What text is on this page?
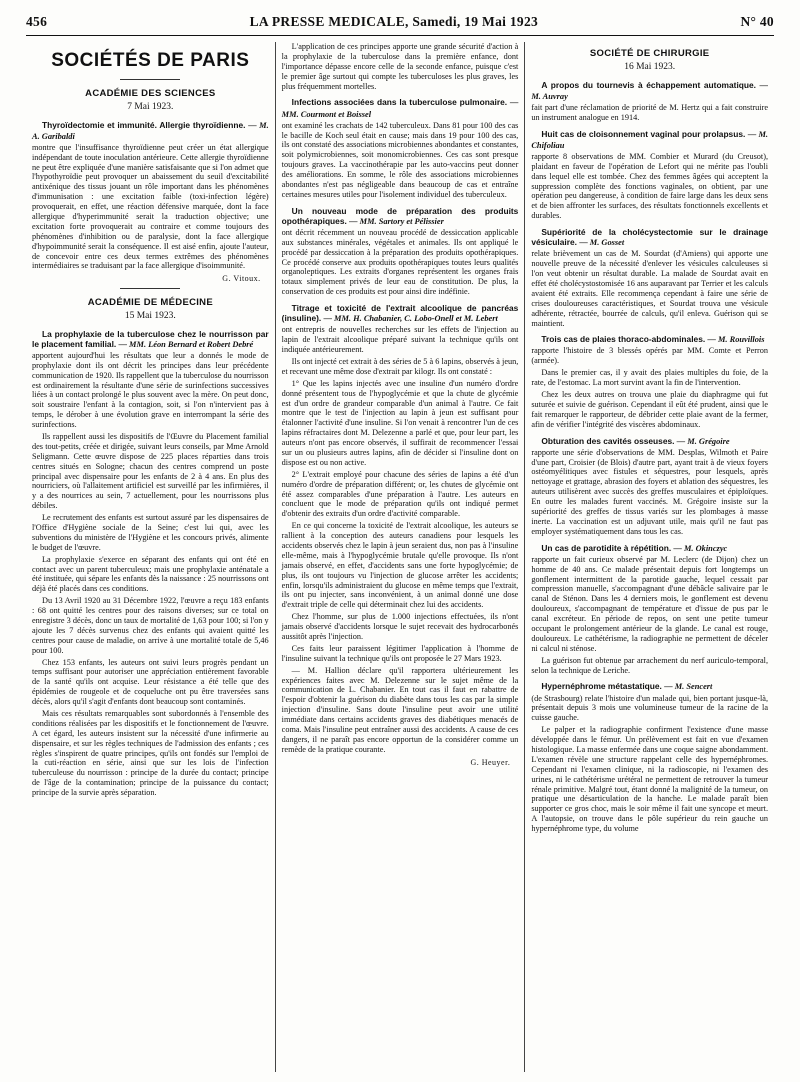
456	LA PRESSE MEDICALE, Samedi, 19 Mai 1923	N° 40
SOCIÉTÉS DE PARIS
ACADÉMIE DES SCIENCES
7 Mai 1923.
Thyroïdectomie et immunité. Allergie thyroïdienne. — M. A. Garibaldi

montre que l'insuffisance thyroïdienne peut créer un état allergique indépendant de toute inoculation antérieure. Cette allergie thyroïdienne ne peut être expliquée d'une manière satisfaisante que si l'on admet que l'hypothyroïdie peut provoquer un abaissement du seuil d'excitabilité antixénique des tissus jouant un rôle important dans les phénomènes d'immunisation : une excitation faible (toxi-infection légère) provoquerait, en effet, une réaction défensive marquée, dont la face allergique d'hyperimmunité serait la traduction objective; une excitation forte provoquerait au contraire et comme toujours des phénomènes d'inhibition ou de paralysie, dont la face allergique d'hypoimmunité serait la conséquence. Il est aisé enfin, ajoute l'auteur, de concevoir entre ces deux termes extrêmes des phénomènes intermédiaires se traduisant par la face allergique d'isoimmunité.

G. Vitoux.
ACADÉMIE DE MÉDECINE
15 Mai 1923.
La prophylaxie de la tuberculose chez le nourrisson par le placement familial. — MM. Léon Bernard et Robert Debré

apportent aujourd'hui les résultats que leur a donnés le mode de prophylaxie dont ils ont décrit les principes dans leur précédente communication de 1920. Ils rappellent que la tuberculose du nourrisson est ordinairement la résultante d'une série de surinfections successives liées à un contact prolongé le plus souvent avec la mère. On peut donc, soit soustraire l'enfant à la contagion, soit, si l'on n'intervient pas à temps, le dérober à une évolution grave en interrompant la série des surinfections.

Ils rappellent aussi les dispositifs de l'Œuvre du Placement familial des tout-petits, créée et dirigée, suivant leurs conseils, par Mme Arnold Seligmann. Cette œuvre dispose de 225 places réparties dans trois centres situés en Sologne; chacun des centres comprend un poste principal avec dispensaire pour les enfants de 2 à 4 ans. En plus des nourriciers, où l'allaitement artificiel est surveillé par les infirmières, il y a des nourrices au sein, 7 actuellement, pour les nourrissons plus débiles.

Le recrutement des enfants est surtout assuré par les dispensaires de l'Office d'Hygiène sociale de la Seine; c'est lui qui, avec les subventions du ministère de l'Hygiène et les concours privés, alimente le budget de l'œuvre.

La prophylaxie s'exerce en séparant des enfants qui ont été en contact avec un parent tuberculeux; mais une prophylaxie anténatale a été instituée, qui sépare les enfants dès la naissance : 25 nourrissons ont déjà été placés dans ces conditions.

Du 13 Avril 1920 au 31 Décembre 1922, l'œuvre a reçu 183 enfants : 68 ont quitté les centres pour des raisons diverses; sur ce total on enregistre 3 décès, donc un taux de mortalité de 1,63 pour 100; si l'on y ajoute les 7 décès survenus chez des enfants qui avaient quitté les centres pour cause de maladie, on arrive à une mortalité totale de 5,46 pour 100.

Chez 153 enfants, les auteurs ont suivi leurs progrès pendant un temps suffisant pour autoriser une appréciation entièrement favorable de la santé qu'ils ont acquise. Leur résistance a été telle que des épidémies de rougeole et de coqueluche ont pu être traversées sans décès, alors qu'il s'agit d'enfants dont beaucoup sont contaminés.

Mais ces résultats remarquables sont subordonnés à l'ensemble des conditions réalisées par les dispositifs et le fonctionnement de l'œuvre. A cet égard, les auteurs insistent sur la nécessité d'une infirmerie au dispensaire, et sur les règles techniques de l'admission des enfants ; ces règles s'inspirent de quatre principes, qu'ils ont fondés sur l'emploi de la cuti-réaction en série, ainsi que sur les lois de l'infection tuberculeuse du nourrisson : principe de la durée du contact; principe de l'âge de la contamination; principe de la puissance du contact; principe de la survie après séparation.

L'application de ces principes apporte une grande sécurité d'action à la prophylaxie de la tuberculose dans la première enfance, dont l'importance dépasse encore celle de la seconde enfance, puisque c'est le premier âge surtout qui compte les tuberculoses les plus graves, les plus fréquemment mortelles.

Infections associées dans la tuberculose pulmonaire. — MM. Courmont et Boissel

ont examiné les crachats de 142 tuberculeux. Dans 81 pour 100 des cas le bacille de Koch seul était en cause; mais dans 19 pour 100 des cas, ils ont constaté des associations microbiennes abondantes et constantes, soit polymicrobiennes, soit monomicrobiennes. Ces cas sont presque toujours graves. La vaccinothérapie par les auto-vaccins peut donner des améliorations. En somme, le rôle des associations microbiennes abondantes n'est pas négligeable dans beaucoup de cas et entraîne certaines mesures utiles pour l'isolement individuel des tuberculeux.

Un nouveau mode de préparation des produits opothérapiques. — MM. Sartory et Pélissier

ont décrit récemment un nouveau procédé de dessiccation applicable aux substances minérales, végétales et animales. Ils ont appliqué le procédé par dessiccation à la préparation des produits opothérapiques. Ce procédé conserve aux produits opothérapiques toutes leurs qualités organoleptiques. Les extraits d'organes représentent les organes frais totaux simplement privés de leur eau de constitution. De plus, la conservation de ces produits est pour ainsi dire indéfinie.

Titrage et toxicité de l'extrait alcoolique de pancréas (insuline). — MM. H. Chabanier, C. Lobo-Onell et M. Lebert

ont entrepris de nouvelles recherches sur les effets de l'injection au lapin de l'extrait alcoolique préparé suivant la technique qu'ils ont indiquée antérieurement.

Ils ont injecté cet extrait à des séries de 5 à 6 lapins, observés à jeun, et recevant une même dose d'extrait par kilogr. Ils ont constaté :

1° Que les lapins injectés avec une insuline d'un numéro d'ordre donné présentent tous de l'hypoglycémie et que la chute de glycémie est d'un ordre de grandeur comparable d'un animal à l'autre. Ce fait montre que le test de l'injection au lapin à jeun est suffisant pour étalonner l'activité d'une insuline. Si l'on venait à rencontrer l'un de ces lapins réfractaires dont M. Delezenne a parlé et que, pour leur part, les auteurs n'ont pas encore observés, il suffirait de recommencer l'essai sur un ou plusieurs autres lapins, afin de décider si l'insuline dont on dispose est ou non active.

2° L'extrait employé pour chacune des séries de lapins a été d'un numéro d'ordre de préparation différent; or, les chutes de glycémie ont été assez comparables d'une préparation à l'autre. Les auteurs en concluent que le mode de préparation qu'ils ont indiqué permet d'obtenir des extraits d'un ordre d'activité comparable.

En ce qui concerne la toxicité de l'extrait alcoolique, les auteurs se rallient à la conception des auteurs canadiens pour lesquels les accidents observés chez le lapin à jeun seraient dus, non pas à l'insuline elle-même, mais à l'hypoglycémie brutale qu'elle provoque. Ils n'ont jamais observé, en effet, d'accidents sans une forte hypoglycémie; de plus, ils ont toujours vu l'injection de glucose arrêter les accidents; enfin, lorsqu'ils administraient du glucose en même temps que l'extrait, ils ont pu injecter, sans inconvénient, à un animal donné une dose d'extrait triple de celle qui déterminait chez lui des accidents.

Chez l'homme, sur plus de 1.000 injections effectuées, ils n'ont jamais observé d'accidents lorsque le sujet recevait des hydrocarbonés aussitôt après l'injection.

Ces faits leur paraissent légitimer l'application à l'homme de l'insuline suivant la technique qu'ils ont proposée le 27 Mars 1923.

— M. Hallion déclare qu'il rapportera ultérieurement les expériences faites avec M. Delezenne sur le sujet même de la communication de L. Chabanier. En tout cas il faut en rabattre de l'espoir d'obtenir la guérison du diabète dans tous les cas par la simple injection d'insuline. Sans doute l'insuline peut avoir une utilité immédiate dans certains accidents graves des diabétiques menacés de coma. Mais l'insuline peut entraîner aussi des accidents. A cause de ces dangers, il ne paraît pas encore opportun de la considérer comme un remède de la pratique courante.

G. Heuyer.
SOCIÉTÉ DE CHIRURGIE
16 Mai 1923.
A propos du tournevis à échappement automatique. — M. Auvray

fait part d'une réclamation de priorité de M. Hertz qui a fait construire un instrument analogue en 1914.

Huit cas de cloisonnement vaginal pour prolapsus. — M. Chifoliau

rapporte 8 observations de MM. Combier et Murard (du Creusot), plaidant en faveur de l'opération de Lefort qui ne mérite pas l'oubli dans lequel elle est tombée. Chez des femmes âgées qui acceptent la suppression complète des fonctions vaginales, on obtient, par une opération peu dangereuse, à condition de faire large dans les deux sens et de bien affronter les surfaces, des résultats fonctionnels excellents et durables.

Supériorité de la cholécystectomie sur le drainage vésiculaire. — M. Gosset

relate brièvement un cas de M. Sourdat (d'Amiens) qui apporte une nouvelle preuve de la nécessité d'enlever les vésicules calculeuses si l'on veut obtenir un résultat durable. La malade de Sourdat avait en effet été cholécystostomisée 16 ans auparavant par Terrier et les calculs avaient été extraits. Elle recommença cependant à faire une série de crises douloureuses caractéristiques, et Sourdat trouva une vésicule adhérente, rétractée, bourrée de calculs, qu'il enleva. Guérison qui se maintient.

Trois cas de plaies thoraco-abdominales. — M. Rouvillois

rapporte l'histoire de 3 blessés opérés par MM. Comte et Perron (armée).

Dans le premier cas, il y avait des plaies multiples du foie, de la rate, de l'estomac. La mort survint avant la fin de l'intervention.

Chez les deux autres on trouva une plaie du diaphragme qui fut suturée et suivie de guérison. Cependant il eût été prudent, ainsi que le fait remarquer le rapporteur, de débrider cette plaie avant de la fermer, afin de vérifier l'intégrité des viscères abdominaux.

Obturation des cavités osseuses. — M. Grégoire

rapporte une série d'observations de MM. Desplas, Wilmoth et Paire d'une part, Croisier (de Blois) d'autre part, ayant trait à de vieux foyers ostéomyélitiques avec fistules et séquestres, pour lesquels, après nettoyage et grattage, abrasion des foyers et ablation des séquestres, les auteurs utilisèrent avec succès des greffes musculaires et épiploïques. En outre les malades furent vaccinés. M. Grégoire insiste sur la supériorité des greffes de tissus variés sur les plombages à masse inerte. La vaccination est un adjuvant utile, mais qu'il ne faut pas employer systématiquement dans tous les cas.

Un cas de parotidite à répétition. — M. Okinczyc

rapporte un fait curieux observé par M. Leclerc (de Dijon) chez un homme de 40 ans. Ce malade présentait depuis fort longtemps un gonflement intermittent de la parotide gauche, lequel cessait par compression manuelle, s'accompagnant d'une débâcle salivaire par le canal de Sténon. Dans les 4 derniers mois, le gonflement est devenu douloureux, s'accompagnant de température et d'issue de pus par le canal excréteur. En période de repos, on sent une petite tumeur occupant le prolongement antérieur de la glande. Le canal est rouge, douloureux. Le cathétérisme, la radiographie ne permettent de déceler ni calcul ni sténose.

La guérison fut obtenue par arrachement du nerf auriculo-temporal, selon la technique de Leriche.

Hypernéphrome métastatique. — M. Sencert

(de Strasbourg) relate l'histoire d'un malade qui, bien portant jusque-là, présentait depuis 3 mois une volumineuse tumeur de la racine de la cuisse gauche.

Le palper et la radiographie confirment l'existence d'une masse développée dans le fémur. Un prélèvement est fait en vue d'examen histologique. La masse enfermée dans une coque saigne abondamment. L'examen révèle une structure rappelant celle des hypernéphromes. Cependant ni l'examen clinique, ni la radioscopie, ni l'examen des urines, ni le cathétérisme urétéral ne permettent de retrouver la tumeur rénale primitive. Malgré tout, étant donné la malignité de la tumeur, on pratique une désarticulation de la hanche. Le malade paraît bien supporter ce gros choc, mais le soir même il fait une syncope et meurt. A l'autopsie, on trouve dans le pôle supérieur du rein gauche un hypernéphrome type, du volume
